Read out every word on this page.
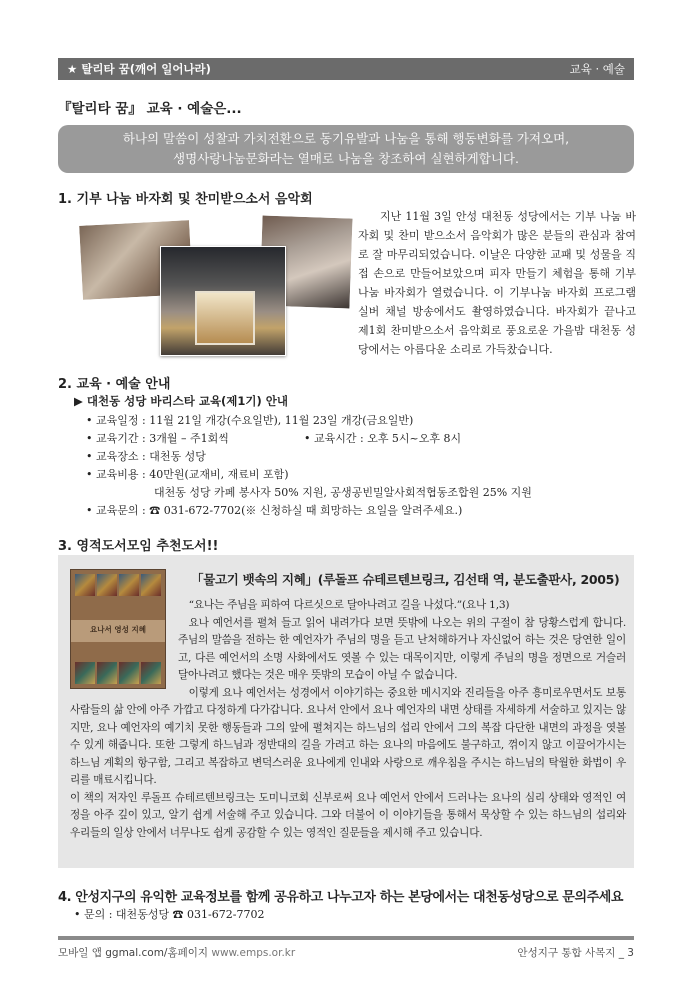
★ 탈리타 꿈(깨어 일어나라)	교육 · 예술
『탈리타 꿈』 교육 · 예술은...
하나의 말씀이 성찰과 가치전환으로 동기유발과 나눔을 통해 행동변화를 가져오며,
생명사랑나눔문화라는 열매로 나눔을 창조하여 실현하게합니다.
1. 기부 나눔 바자회 및 찬미받으소서 음악회
지난 11월 3일 안성 대천동 성당에서는 기부 나눔 바자회 및 찬미 받으소서 음악회가 많은 분들의 관심과 참여로 잘 마무리되었습니다. 이날은 다양한 교패 및 성물을 직접 손으로 만들어보았으며 피자 만들기 체험을 통해 기부나눔 바자회가 열렸습니다. 이 기부나눔 바자회 프로그램 실버 채널 방송에서도 촬영하였습니다. 바자회가 끝나고 제1회 찬미받으소서 음악회로 풍요로운 가을밤 대천동 성당에서는 아름다운 소리로 가득찼습니다.
2. 교육 · 예술 안내
▶ 대천동 성당 바리스타 교육(제1기) 안내
• 교육일정 : 11월 21일 개강(수요일반), 11월 23일 개강(금요일반)
• 교육기간 : 3개월 – 주1회씩	• 교육시간 : 오후 5시~오후 8시
• 교육장소 : 대천동 성당
• 교육비용 : 40만원(교재비, 재료비 포함)
대천동 성당 카페 봉사자 50% 지원, 공생공빈밀알사회적협동조합원 25% 지원
• 교육문의 : ☎ 031-672-7702(※ 신청하실 때 희망하는 요일을 알려주세요.)
3. 영적도서모임 추천도서!!
요나서 영성 지혜
「물고기 뱃속의 지혜」(루돌프 슈테르텐브링크, 김선태 역, 분도출판사, 2005)

“요나는 주님을 피하여 다르싯으로 달아나려고 길을 나섰다.”(요나 1,3)

요나 예언서를 펼쳐 들고 읽어 내려가다 보면 뜻밖에 나오는 위의 구절이 참 당황스럽게 합니다. 주님의 말씀을 전하는 한 예언자가 주님의 명을 듣고 난처해하거나 자신없어 하는 것은 당연한 일이고, 다른 예언서의 소명 사화에서도 엿볼 수 있는 대목이지만, 이렇게 주님의 명을 정면으로 거슬러 달아나려고 했다는 것은 매우 뜻밖의 모습이 아닐 수 없습니다.

이렇게 요나 예언서는 성경에서 이야기하는 중요한 메시지와 진리들을 아주 흥미로우면서도 보통 사람들의 삶 안에 아주 가깝고 다정하게 다가갑니다. 요나서 안에서 요나 예언자의 내면 상태를 자세하게 서술하고 있지는 않지만, 요나 예언자의 예기치 못한 행동들과 그의 앞에 펼쳐지는 하느님의 섭리 안에서 그의 복잡 다단한 내면의 과정을 엿볼 수 있게 해줍니다. 또한 그렇게 하느님과 정반대의 길을 가려고 하는 요나의 마음에도 불구하고, 꺾이지 않고 이끌어가시는 하느님 계획의 항구함, 그리고 복잡하고 변덕스러운 요나에게 인내와 사랑으로 깨우침을 주시는 하느님의 탁월한 화법이 우리를 매료시킵니다.

이 책의 저자인 루돌프 슈테르텐브링크는 도미니코회 신부로써 요나 예언서 안에서 드러나는 요나의 심리 상태와 영적인 여정을 아주 깊이 있고, 알기 쉽게 서술해 주고 있습니다. 그와 더불어 이 이야기들을 통해서 묵상할 수 있는 하느님의 섭리와 우리들의 일상 안에서 너무나도 쉽게 공감할 수 있는 영적인 질문들을 제시해 주고 있습니다.

4. 안성지구의 유익한 교육정보를 함께 공유하고 나누고자 하는 본당에서는 대천동성당으로 문의주세요
• 문의 : 대천동성당 ☎ 031-672-7702
모바일 앱 ggmal.com/홈페이지 www.emps.or.kr	안성지구 통합 사목지 _ 3
